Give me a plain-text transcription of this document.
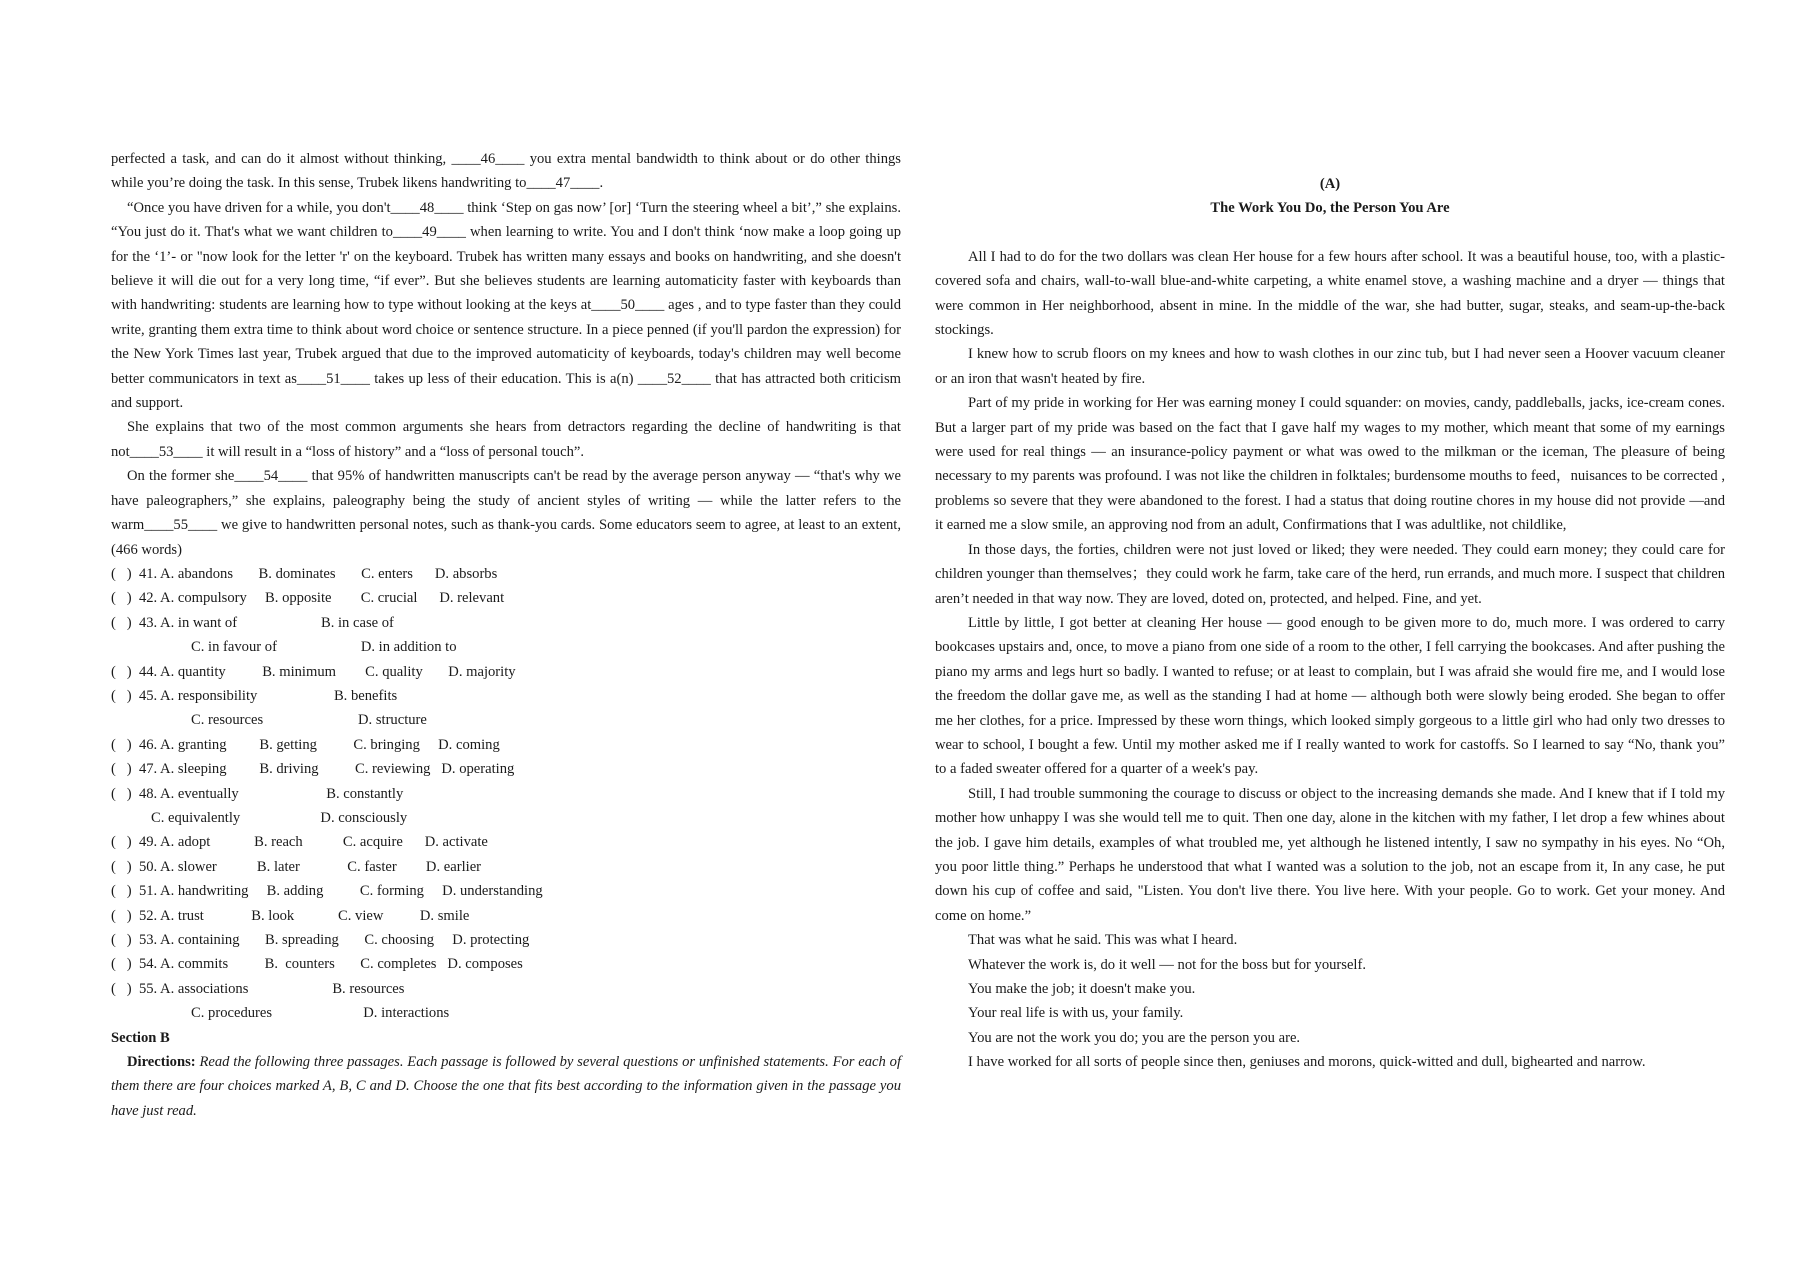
perfected a task, and can do it almost without thinking, ____46____ you extra mental bandwidth to think about or do other things while you’re doing the task. In this sense, Trubek likens handwriting to____47____.

“Once you have driven for a while, you don't____48____ think ‘Step on gas now’ [or] ‘Turn the steering wheel a bit’,” she explains. “You just do it. That's what we want children to____49____ when learning to write. You and I don't think ‘now make a loop going up for the ‘1’- or "now look for the letter 'r' on the keyboard. Trubek has written many essays and books on handwriting, and she doesn't believe it will die out for a very long time, “if ever”. But she believes students are learning automaticity faster with keyboards than with handwriting: students are learning how to type without looking at the keys at____50____ ages , and to type faster than they could write, granting them extra time to think about word choice or sentence structure. In a piece penned (if you'll pardon the expression) for the New York Times last year, Trubek argued that due to the improved automaticity of keyboards, today's children may well become better communicators in text as____51____ takes up less of their education. This is a(n) ____52____ that has attracted both criticism and support.

She explains that two of the most common arguments she hears from detractors regarding the decline of handwriting is that not____53____ it will result in a “loss of history” and a “loss of personal touch”.

On the former she____54____ that 95% of handwritten manuscripts can't be read by the average person anyway — “that's why we have paleographers,” she explains, paleography being the study of ancient styles of writing — while the latter refers to the warm____55____ we give to handwritten personal notes, such as thank-you cards. Some educators seem to agree, at least to an extent, (466 words)

(   )  41. A. abandons       B. dominates       C. enters      D. absorbs
(   )  42. A. compulsory     B. opposite        C. crucial      D. relevant
(   )  43. A. in want of                       B. in case of
C. in favour of                       D. in addition to
(   )  44. A. quantity          B. minimum        C. quality       D. majority
(   )  45. A. responsibility                     B. benefits
C. resources                          D. structure
(   )  46. A. granting         B. getting          C. bringing     D. coming
(   )  47. A. sleeping         B. driving          C. reviewing   D. operating
(   )  48. A. eventually                        B. constantly
C. equivalently                      D. consciously
(   )  49. A. adopt            B. reach           C. acquire      D. activate
(   )  50. A. slower           B. later             C. faster        D. earlier
(   )  51. A. handwriting     B. adding          C. forming     D. understanding
(   )  52. A. trust             B. look            C. view          D. smile
(   )  53. A. containing       B. spreading       C. choosing     D. protecting
(   )  54. A. commits          B.  counters       C. completes   D. composes
(   )  55. A. associations                       B. resources
C. procedures                         D. interactions
Section B

Directions: Read the following three passages. Each passage is followed by several questions or unfinished statements. For each of them there are four choices marked A, B, C and D. Choose the one that fits best according to the information given in the passage you have just read.

(A)
The Work You Do, the Person You Are

All I had to do for the two dollars was clean Her house for a few hours after school. It was a beautiful house, too, with a plastic-covered sofa and chairs, wall-to-wall blue-and-white carpeting, a white enamel stove, a washing machine and a dryer — things that were common in Her neighborhood, absent in mine. In the middle of the war, she had butter, sugar, steaks, and seam-up-the-back stockings.

I knew how to scrub floors on my knees and how to wash clothes in our zinc tub, but I had never seen a Hoover vacuum cleaner or an iron that wasn't heated by fire.

Part of my pride in working for Her was earning money I could squander: on movies, candy, paddleballs, jacks, ice-cream cones. But a larger part of my pride was based on the fact that I gave half my wages to my mother, which meant that some of my earnings were used for real things — an insurance-policy payment or what was owed to the milkman or the iceman, The pleasure of being necessary to my parents was profound. I was not like the children in folktales; burdensome mouths to feed，nuisances to be corrected , problems so severe that they were abandoned to the forest. I had a status that doing routine chores in my house did not provide —and it earned me a slow smile, an approving nod from an adult, Confirmations that I was adultlike, not childlike,

In those days, the forties, children were not just loved or liked; they were needed. They could earn money; they could care for children younger than themselves；they could work he farm, take care of the herd, run errands, and much more. I suspect that children aren’t needed in that way now. They are loved, doted on, protected, and helped. Fine, and yet.

Little by little, I got better at cleaning Her house — good enough to be given more to do, much more. I was ordered to carry bookcases upstairs and, once, to move a piano from one side of a room to the other, I fell carrying the bookcases. And after pushing the piano my arms and legs hurt so badly. I wanted to refuse; or at least to complain, but I was afraid she would fire me, and I would lose the freedom the dollar gave me, as well as the standing I had at home — although both were slowly being eroded. She began to offer me her clothes, for a price. Impressed by these worn things, which looked simply gorgeous to a little girl who had only two dresses to wear to school, I bought a few. Until my mother asked me if I really wanted to work for castoffs. So I learned to say “No, thank you” to a faded sweater offered for a quarter of a week's pay.

Still, I had trouble summoning the courage to discuss or object to the increasing demands she made. And I knew that if I told my mother how unhappy I was she would tell me to quit. Then one day, alone in the kitchen with my father, I let drop a few whines about the job. I gave him details, examples of what troubled me, yet although he listened intently, I saw no sympathy in his eyes. No “Oh, you poor little thing.” Perhaps he understood that what I wanted was a solution to the job, not an escape from it, In any case, he put down his cup of coffee and said, "Listen. You don't live there. You live here. With your people. Go to work. Get your money. And come on home.”

That was what he said. This was what I heard.

Whatever the work is, do it well — not for the boss but for yourself.

You make the job; it doesn't make you.

Your real life is with us, your family.

You are not the work you do; you are the person you are.

I have worked for all sorts of people since then, geniuses and morons, quick-witted and dull, bighearted and narrow.
